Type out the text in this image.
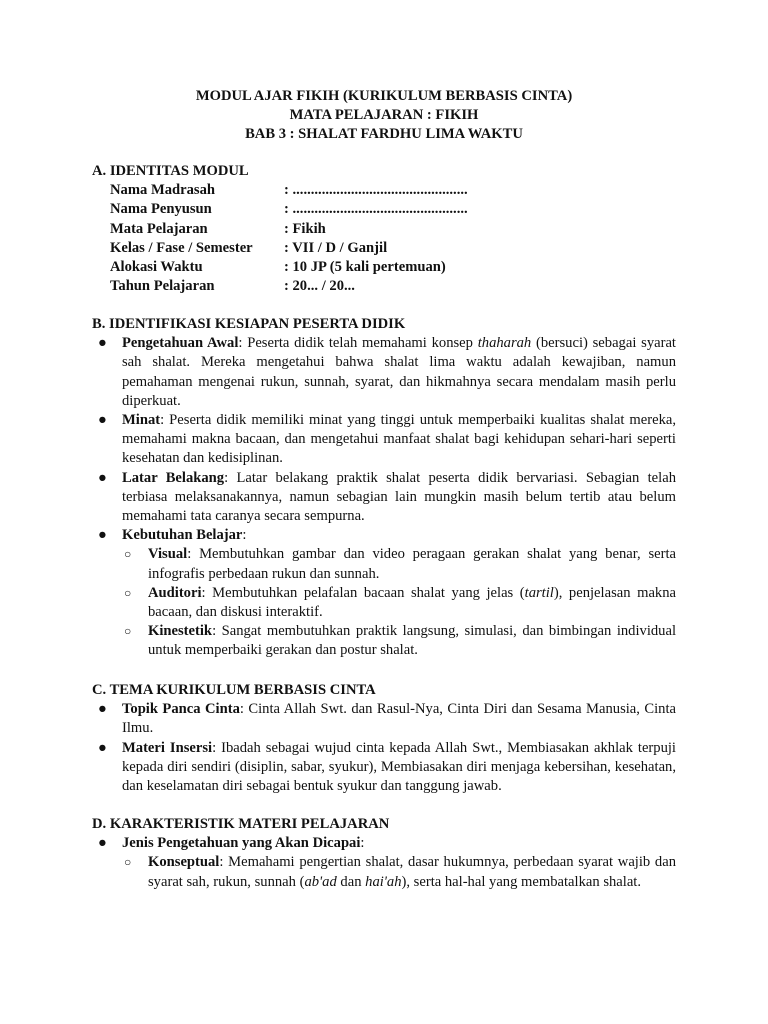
MODUL AJAR FIKIH (KURIKULUM BERBASIS CINTA)
MATA PELAJARAN : FIKIH
BAB 3 : SHALAT FARDHU LIMA WAKTU
A. IDENTITAS MODUL
Nama Madrasah	: ................................................
Nama Penyusun	: ................................................
Mata Pelajaran	: Fikih
Kelas / Fase / Semester	: VII / D / Ganjil
Alokasi Waktu	: 10 JP (5 kali pertemuan)
Tahun Pelajaran	: 20... / 20...
B. IDENTIFIKASI KESIAPAN PESERTA DIDIK
● Pengetahuan Awal: Peserta didik telah memahami konsep thaharah (bersuci) sebagai syarat sah shalat. Mereka mengetahui bahwa shalat lima waktu adalah kewajiban, namun pemahaman mengenai rukun, sunnah, syarat, dan hikmahnya secara mendalam masih perlu diperkuat.
● Minat: Peserta didik memiliki minat yang tinggi untuk memperbaiki kualitas shalat mereka, memahami makna bacaan, dan mengetahui manfaat shalat bagi kehidupan sehari-hari seperti kesehatan dan kedisiplinan.
● Latar Belakang: Latar belakang praktik shalat peserta didik bervariasi. Sebagian telah terbiasa melaksanakannya, namun sebagian lain mungkin masih belum tertib atau belum memahami tata caranya secara sempurna.
● Kebutuhan Belajar:
○ Visual: Membutuhkan gambar dan video peragaan gerakan shalat yang benar, serta infografis perbedaan rukun dan sunnah.
○ Auditori: Membutuhkan pelafalan bacaan shalat yang jelas (tartil), penjelasan makna bacaan, dan diskusi interaktif.
○ Kinestetik: Sangat membutuhkan praktik langsung, simulasi, dan bimbingan individual untuk memperbaiki gerakan dan postur shalat.
C. TEMA KURIKULUM BERBASIS CINTA
● Topik Panca Cinta: Cinta Allah Swt. dan Rasul-Nya, Cinta Diri dan Sesama Manusia, Cinta Ilmu.
● Materi Insersi: Ibadah sebagai wujud cinta kepada Allah Swt., Membiasakan akhlak terpuji kepada diri sendiri (disiplin, sabar, syukur), Membiasakan diri menjaga kebersihan, kesehatan, dan keselamatan diri sebagai bentuk syukur dan tanggung jawab.
D. KARAKTERISTIK MATERI PELAJARAN
● Jenis Pengetahuan yang Akan Dicapai:
○ Konseptual: Memahami pengertian shalat, dasar hukumnya, perbedaan syarat wajib dan syarat sah, rukun, sunnah (ab'ad dan hai'ah), serta hal-hal yang membatalkan shalat.
